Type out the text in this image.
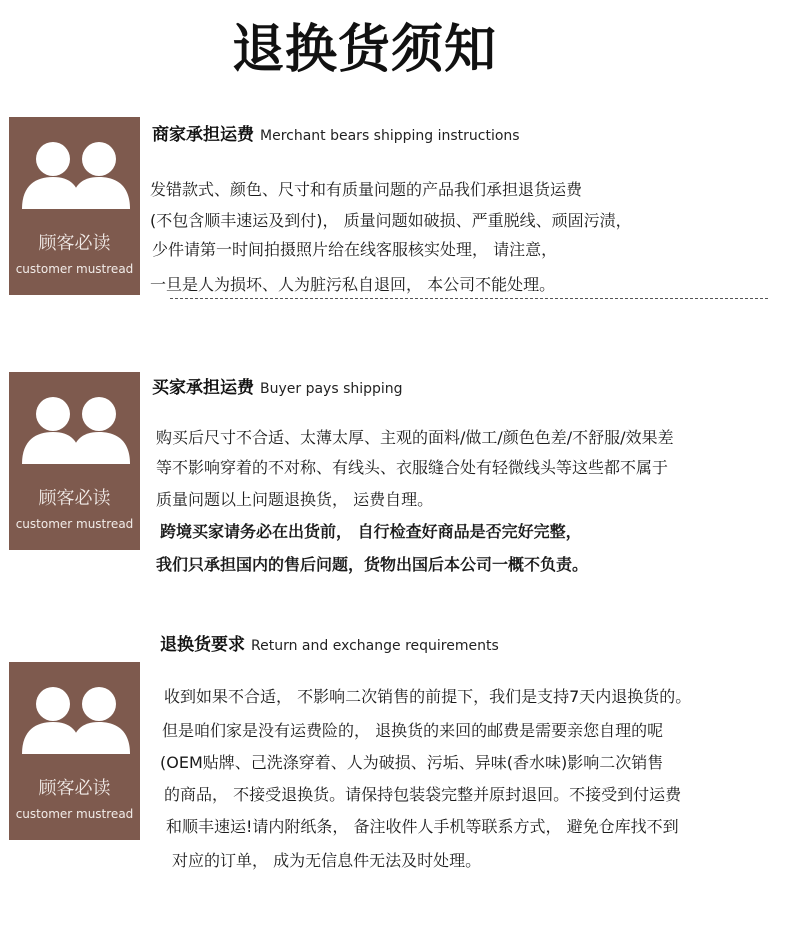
退换货须知
顾客必读
customer mustread
商家承担运费 Merchant bears shipping instructions
发错款式、颜色、尺寸和有质量问题的产品我们承担退货运费
(不包含顺丰速运及到付)， 质量问题如破损、严重脱线、顽固污渍，
少件请第一时间拍摄照片给在线客服核实处理， 请注意，
一旦是人为损坏、人为脏污私自退回， 本公司不能处理。
顾客必读
customer mustread
买家承担运费 Buyer pays shipping
购买后尺寸不合适、太薄太厚、主观的面料/做工/颜色色差/不舒服/效果差
等不影响穿着的不对称、有线头、衣服缝合处有轻微线头等这些都不属于
质量问题以上问题退换货， 运费自理。
跨境买家请务必在出货前， 自行检查好商品是否完好完整，
我们只承担国内的售后问题，货物出国后本公司一概不负责。
顾客必读
customer mustread
退换货要求 Return and exchange requirements
收到如果不合适， 不影响二次销售的前提下，我们是支持7天内退换货的。
但是咱们家是没有运费险的， 退换货的来回的邮费是需要亲您自理的呢
(OEM贴牌、己洗涤穿着、人为破损、污垢、异味(香水味)影响二次销售
的商品， 不接受退换货。请保持包装袋完整并原封退回。不接受到付运费
和顺丰速运!请内附纸条， 备注收件人手机等联系方式， 避免仓库找不到
对应的订单， 成为无信息件无法及时处理。
